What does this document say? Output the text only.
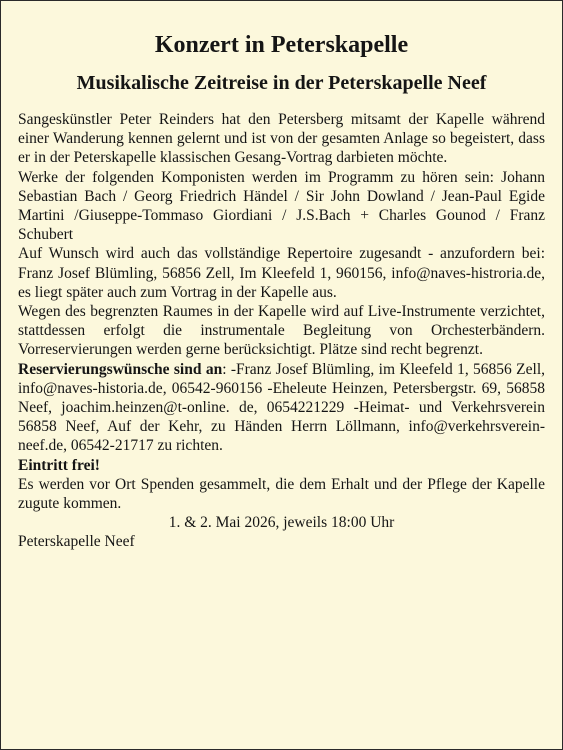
Konzert in Peterskapelle
Musikalische Zeitreise in der Peterskapelle Neef

Sangeskünstler Peter Reinders hat den Petersberg mitsamt der Kapelle während einer Wanderung kennen gelernt und ist von der gesamten Anlage so begeistert, dass er in der Peterskapelle klassischen Gesang-Vortrag darbieten möchte.

Werke der folgenden Komponisten werden im Programm zu hören sein: Johann Sebastian Bach / Georg Friedrich Händel / Sir John Dowland / Jean-Paul Egide Martini /Giuseppe-Tommaso Giordiani / J.S.Bach + Charles Gounod / Franz Schubert

Auf Wunsch wird auch das vollständige Repertoire zugesandt - anzufordern bei: Franz Josef Blümling, 56856 Zell, Im Kleefeld 1, 960156, info@naves-histroria.de, es liegt später auch zum Vortrag in der Kapelle aus.

Wegen des begrenzten Raumes in der Kapelle wird auf Live-Instrumente verzichtet, stattdessen erfolgt die instrumentale Begleitung von Orchesterbändern. Vorreservierungen werden gerne berücksichtigt. Plätze sind recht begrenzt.

Reservierungswünsche sind an: -Franz Josef Blümling, im Kleefeld 1, 56856 Zell, info@naves-historia.de, 06542-960156 -Eheleute Heinzen, Petersbergstr. 69, 56858 Neef, joachim.heinzen@t-online. de, 0654221229 -Heimat- und Verkehrsverein 56858 Neef, Auf der Kehr, zu Händen Herrn Löllmann, info@verkehrsverein-neef.de, 06542-21717 zu richten.

Eintritt frei!

Es werden vor Ort Spenden gesammelt, die dem Erhalt und der Pflege der Kapelle zugute kommen.

1. & 2. Mai 2026, jeweils 18:00 Uhr

Peterskapelle Neef
